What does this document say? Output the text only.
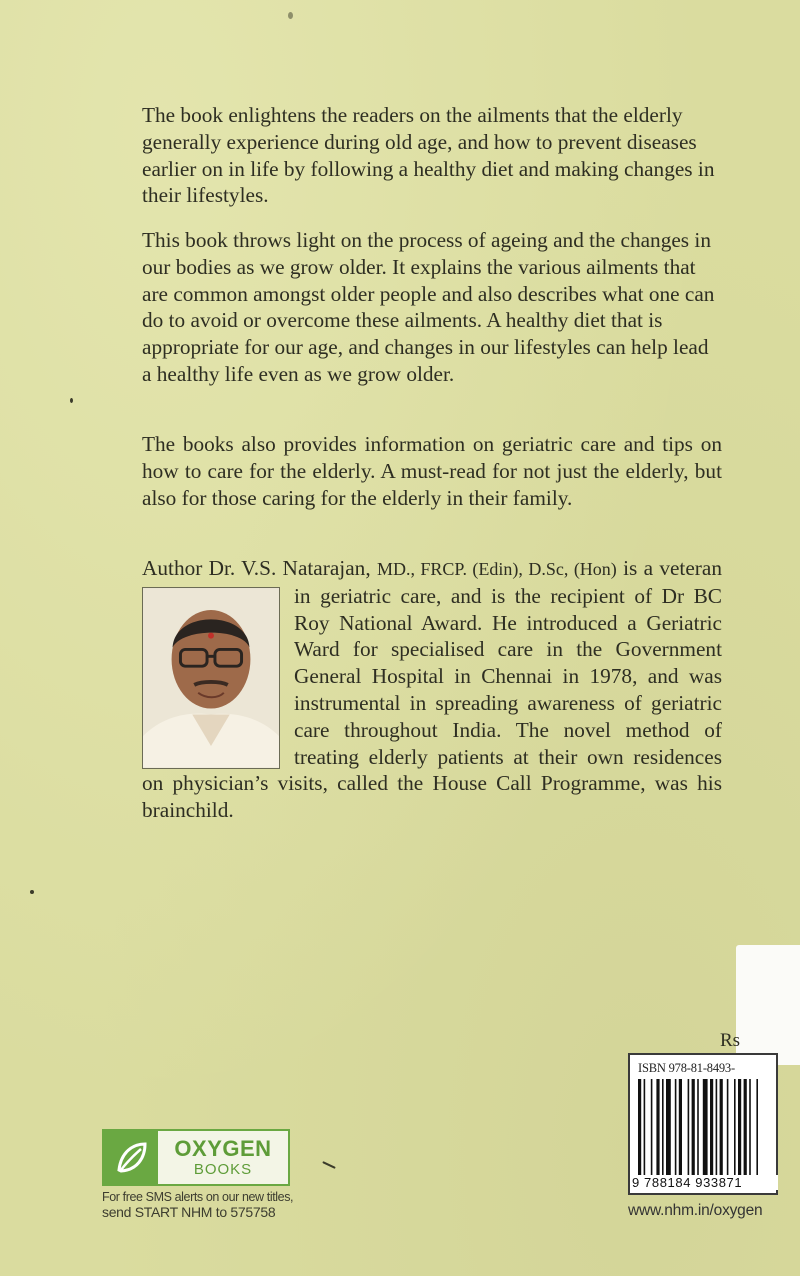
The book enlightens the readers on the ailments that the elderly generally experience during old age, and how to prevent diseases earlier on in life by following a healthy diet and making changes in their lifestyles.
This book throws light on the process of ageing and the changes in our bodies as we grow older. It explains the various ailments that are common amongst older people and also describes what one can do to avoid or overcome these ailments. A healthy diet that is appropriate for our age, and changes in our lifestyles can help lead a healthy life even as we grow older.
The books also provides information on geriatric care and tips on how to care for the elderly. A must-read for not just the elderly, but also for those caring for the elderly in their family.
Author Dr. V.S. Natarajan, MD., FRCP. (Edin), D.Sc, (Hon) is a veteran in geriatric care, and is the recipient of Dr BC
Roy National Award. He introduced a Geriatric Ward for specialised care in the Government General Hospital in Chennai in 1978, and was instrumental in spreading awareness of geriatric care throughout India. The novel method of treating elderly patients at their own residences on physician’s visits, called the House Call Programme, was his brainchild.
Rs
ISBN 978-81-8493-
9 788184 933871
www.nhm.in/oxygen
OXYGEN
BOOKS
For free SMS alerts on our new titles,
send START NHM to 575758
